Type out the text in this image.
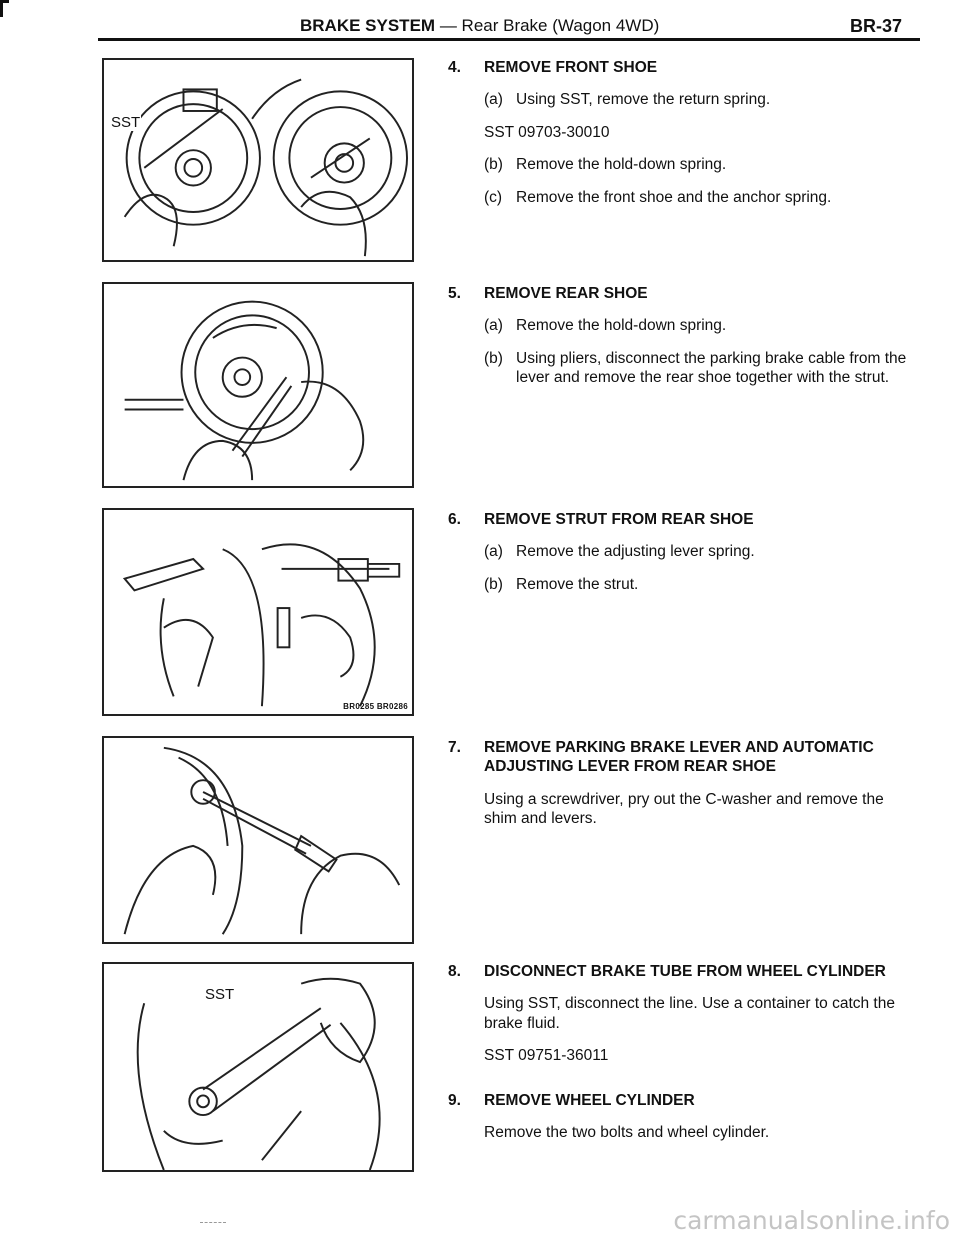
BRAKE SYSTEM — Rear Brake (Wagon 4WD)	BR-37
SST
BR0285 BR0286
SST
4. REMOVE FRONT SHOE
(a) Using SST, remove the return spring.
SST 09703-30010
(b) Remove the hold-down spring.
(c) Remove the front shoe and the anchor spring.
5. REMOVE REAR SHOE
(a) Remove the hold-down spring.
(b) Using pliers, disconnect the parking brake cable from the lever and remove the rear shoe together with the strut.
6. REMOVE STRUT FROM REAR SHOE
(a) Remove the adjusting lever spring.
(b) Remove the strut.
7. REMOVE PARKING BRAKE LEVER AND AUTOMATIC ADJUSTING LEVER FROM REAR SHOE
Using a screwdriver, pry out the C-washer and remove the shim and levers.
8. DISCONNECT BRAKE TUBE FROM WHEEL CYLINDER
Using SST, disconnect the line. Use a container to catch the brake fluid.
SST 09751-36011
9. REMOVE WHEEL CYLINDER
Remove the two bolts and wheel cylinder.
carmanualsonline.info
